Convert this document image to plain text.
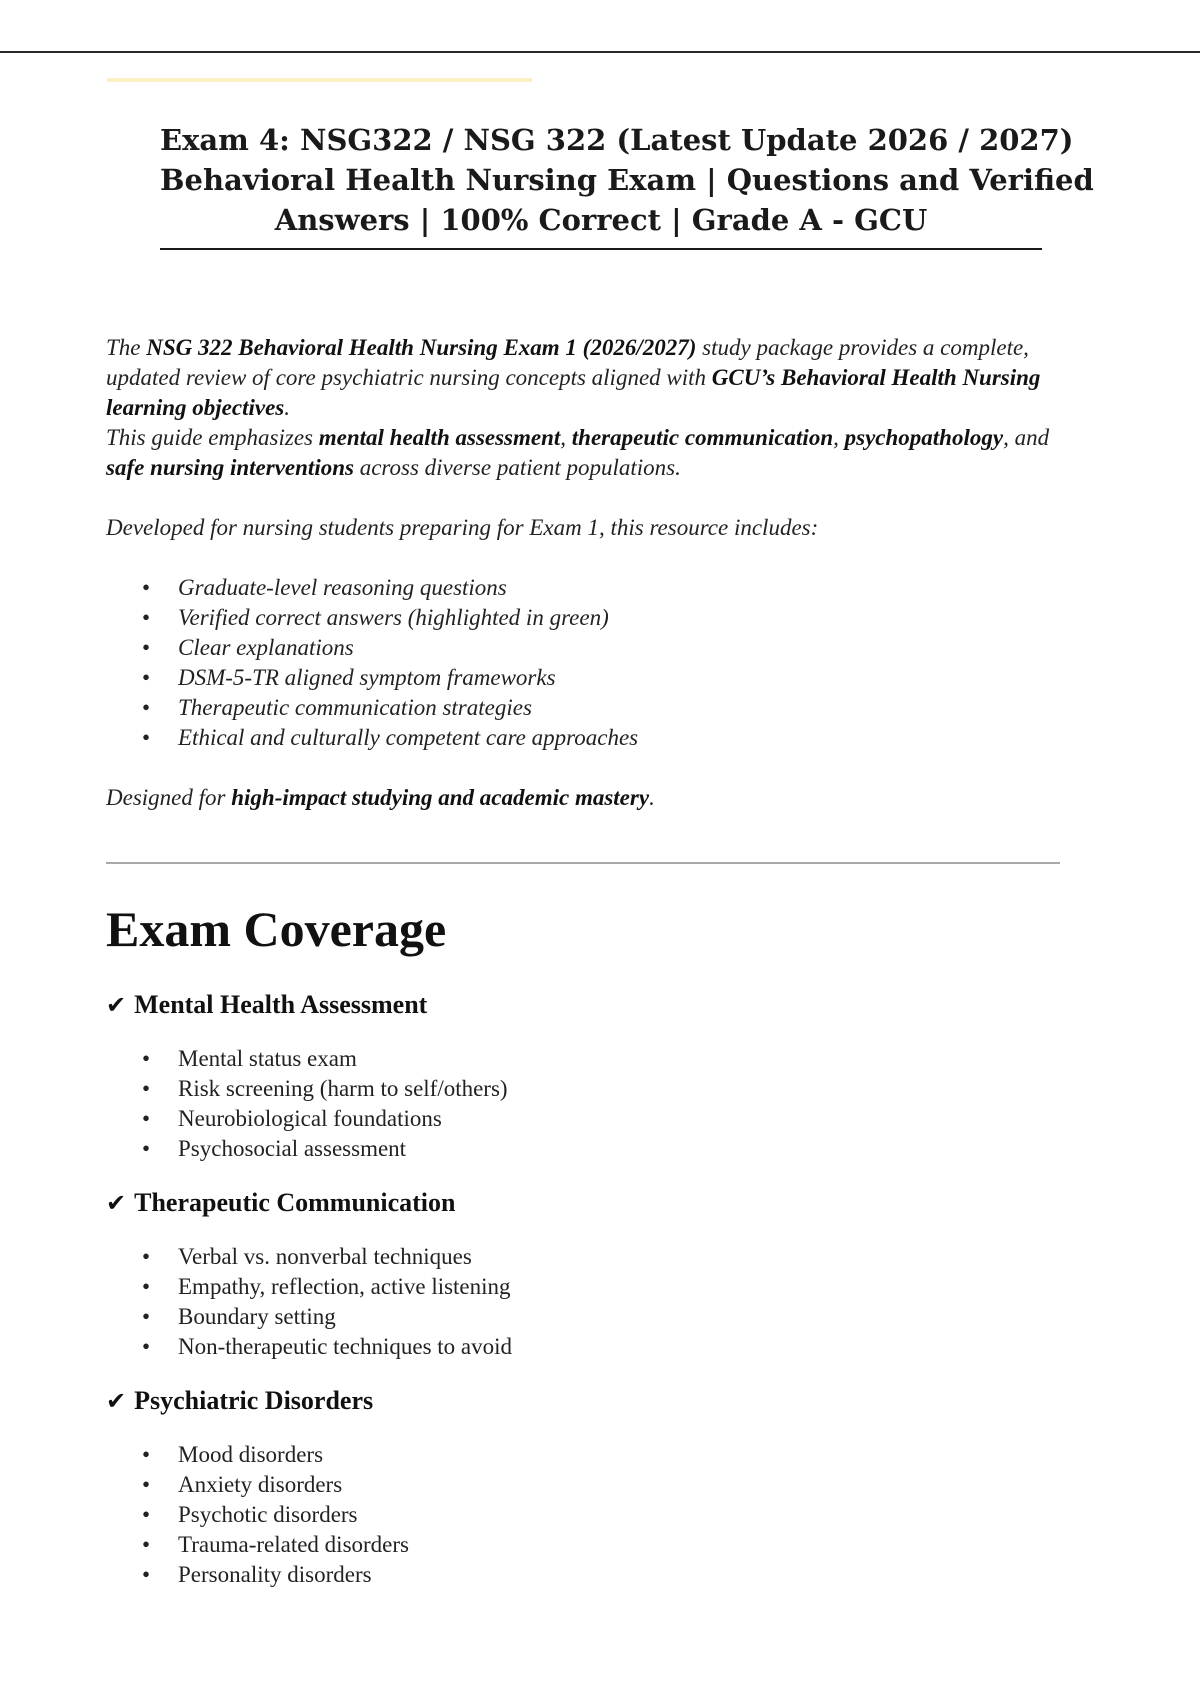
Exam 4: NSG322 / NSG 322 (Latest Update 2026 / 2027)
Behavioral Health Nursing Exam | Questions and Verified
Answers | 100% Correct | Grade A - GCU

The NSG 322 Behavioral Health Nursing Exam 1 (2026/2027) study package provides a complete, updated review of core psychiatric nursing concepts aligned with GCU’s Behavioral Health Nursing learning objectives.

This guide emphasizes mental health assessment, therapeutic communication, psychopathology, and safe nursing interventions across diverse patient populations.

Developed for nursing students preparing for Exam 1, this resource includes:

• Graduate-level reasoning questions
• Verified correct answers (highlighted in green)
• Clear explanations
• DSM-5-TR aligned symptom frameworks
• Therapeutic communication strategies
• Ethical and culturally competent care approaches

Designed for high-impact studying and academic mastery.

Exam Coverage
✔ Mental Health Assessment
• Mental status exam
• Risk screening (harm to self/others)
• Neurobiological foundations
• Psychosocial assessment
✔ Therapeutic Communication
• Verbal vs. nonverbal techniques
• Empathy, reflection, active listening
• Boundary setting
• Non-therapeutic techniques to avoid
✔ Psychiatric Disorders
• Mood disorders
• Anxiety disorders
• Psychotic disorders
• Trauma-related disorders
• Personality disorders
